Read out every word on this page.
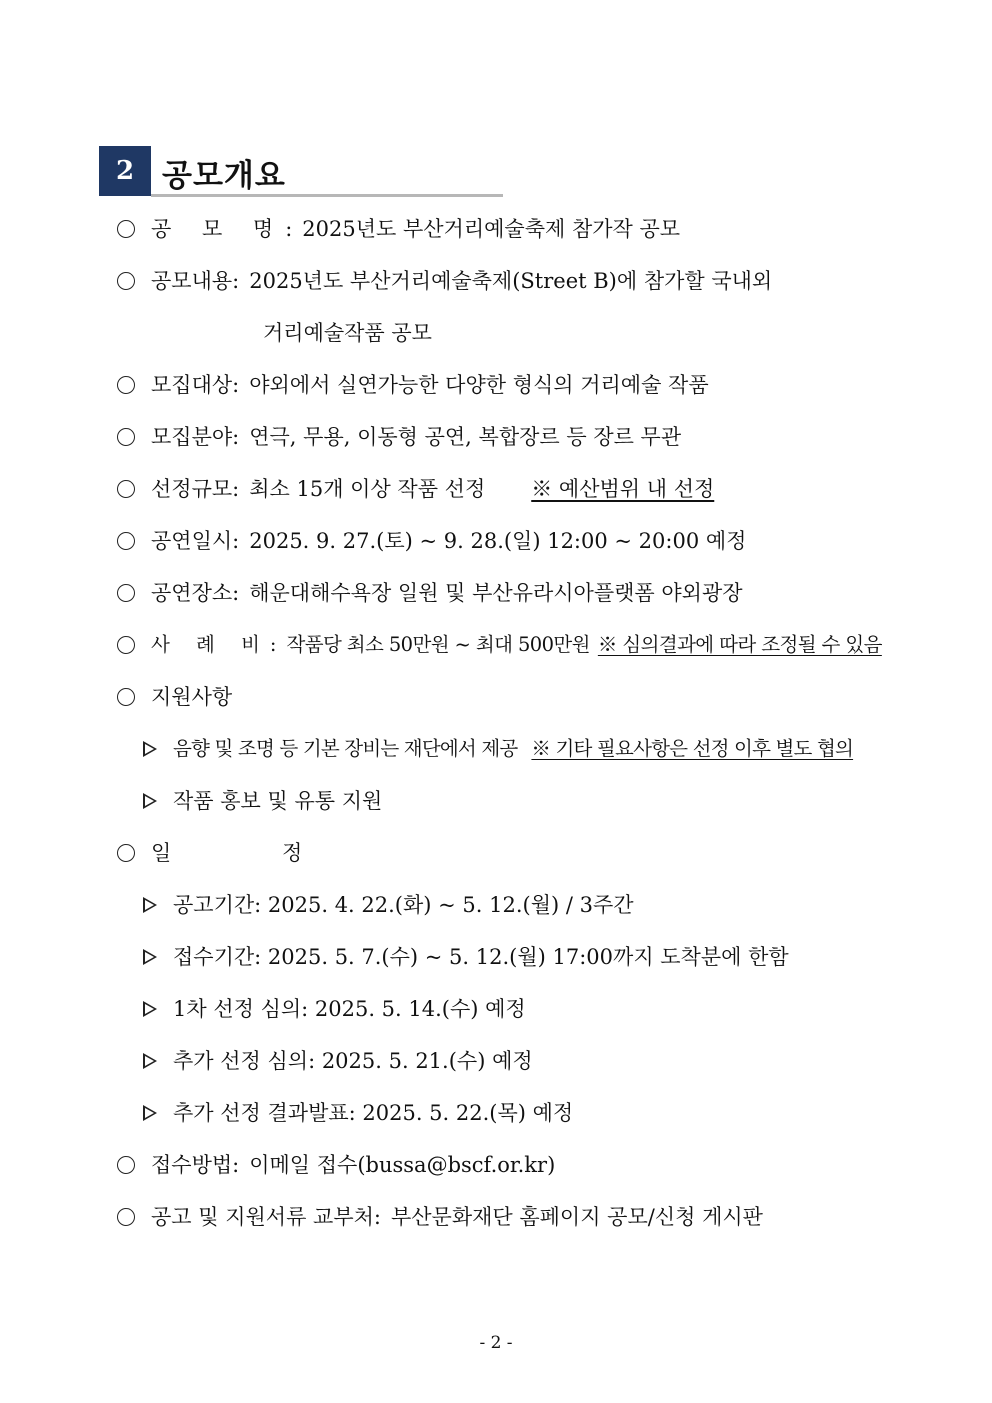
2 공모개요
공 모 명:
2025년도 부산거리예술축제 참가작 공모
공모내용: 2025년도 부산거리예술축제(Street B)에 참가할 국내외
거리예술작품 공모
모집대상: 야외에서 실연가능한 다양한 형식의 거리예술 작품
모집분야: 연극, 무용, 이동형 공연, 복합장르 등 장르 무관
선정규모: 최소 15개 이상 작품 선정 ※ 예산범위 내 선정
공연일시: 2025. 9. 27.(토) ~ 9. 28.(일) 12:00 ~ 20:00 예정
공연장소: 해운대해수욕장 일원 및 부산유라시아플랫폼 야외광장
사 례 비: 작품당 최소 50만원 ~ 최대 500만원 ※ 심의결과에 따라 조정될 수 있음
지원사항
음향 및 조명 등 기본 장비는 재단에서 제공 ※ 기타 필요사항은 선정 이후 별도 협의
작품 홍보 및 유통 지원
일 정
공고기간: 2025. 4. 22.(화) ~ 5. 12.(월) / 3주간
접수기간: 2025. 5. 7.(수) ~ 5. 12.(월) 17:00까지 도착분에 한함
1차 선정 심의: 2025. 5. 14.(수) 예정
추가 선정 심의: 2025. 5. 21.(수) 예정
추가 선정 결과발표: 2025. 5. 22.(목) 예정
접수방법: 이메일 접수(bussa@bscf.or.kr)
공고 및 지원서류 교부처: 부산문화재단 홈페이지 공모/신청 게시판
- 2 -
